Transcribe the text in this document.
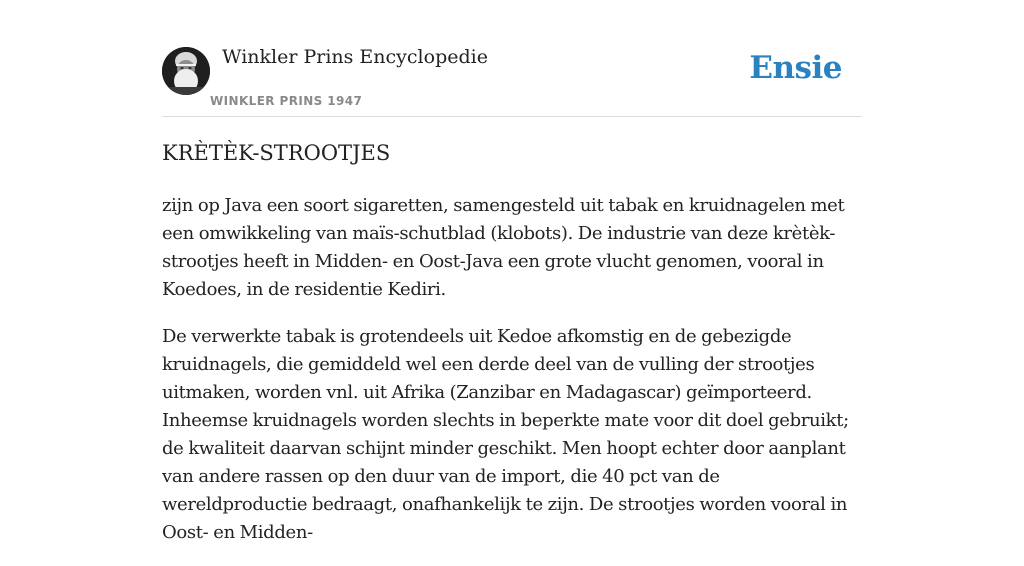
Winkler Prins Encyclopedie
WINKLER PRINS 1947
Ensie
KRÈTÈK-STROOTJES

zijn op Java een soort sigaretten, samengesteld uit tabak en kruidnagelen met een omwikkeling van maïs-schutblad (klobots). De industrie van deze krètèk-strootjes heeft in Midden- en Oost-Java een grote vlucht genomen, vooral in Koedoes, in de residentie Kediri.

De verwerkte tabak is grotendeels uit Kedoe afkomstig en de gebezigde kruidnagels, die gemiddeld wel een derde deel van de vulling der strootjes uitmaken, worden vnl. uit Afrika (Zanzibar en Madagascar) geïmporteerd. Inheemse kruidnagels worden slechts in beperkte mate voor dit doel gebruikt; de kwaliteit daarvan schijnt minder geschikt. Men hoopt echter door aanplant van andere rassen op den duur van de import, die 40 pct van de wereldproductie bedraagt, onafhankelijk te zijn. De strootjes worden vooral in Oost- en Midden-
